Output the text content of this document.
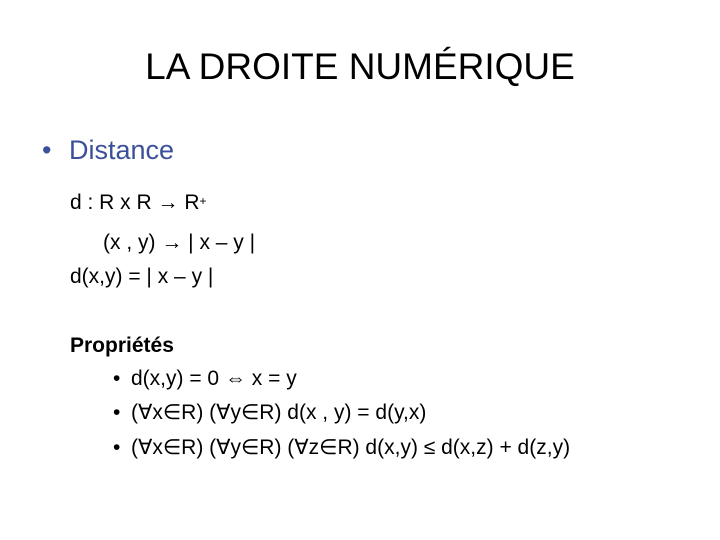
LA DROITE NUMÉRIQUE
• Distance
d : R x R → R+
(x , y) → | x – y |
d(x,y) = | x – y |
Propriétés
• d(x,y) = 0 ⇔ x = y
• (∀x∈R) (∀y∈R) d(x , y) = d(y,x)
• (∀x∈R) (∀y∈R) (∀z∈R) d(x,y) ≤ d(x,z) + d(z,y)
